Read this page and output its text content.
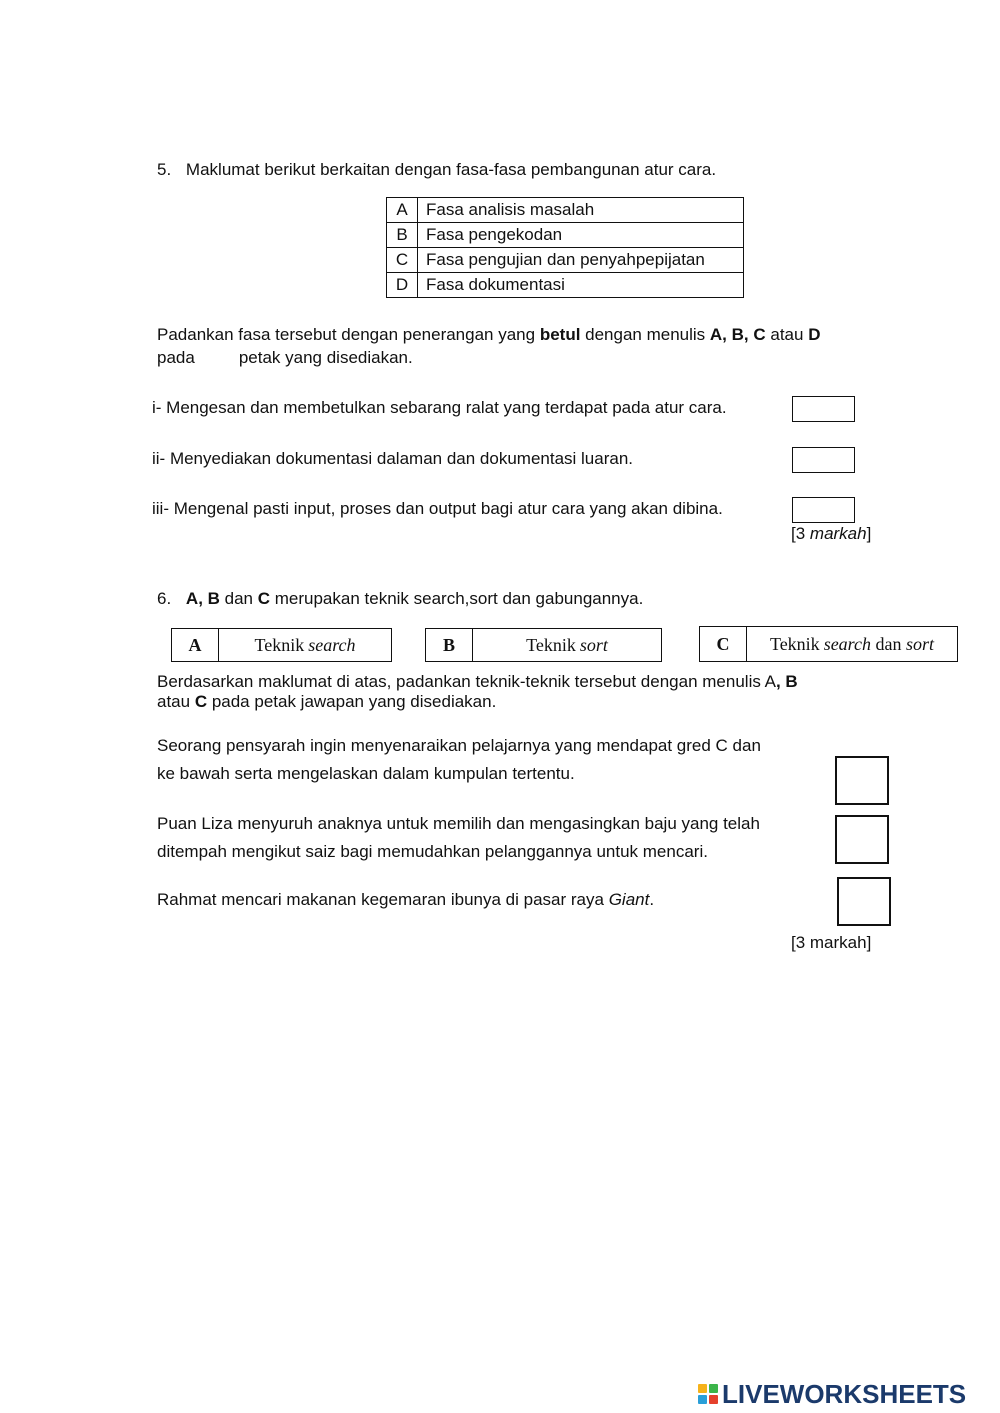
5. Maklumat berikut berkaitan dengan fasa-fasa pembangunan atur cara.
A	Fasa analisis masalah
B	Fasa pengekodan
C	Fasa pengujian dan penyahpepijatan
D	Fasa dokumentasi
Padankan fasa tersebut dengan penerangan yang betul dengan menulis A, B, C atau D
pada	petak yang disediakan.
i- Mengesan dan membetulkan sebarang ralat yang terdapat pada atur cara.
ii- Menyediakan dokumentasi dalaman dan dokumentasi luaran.
iii- Mengenal pasti input, proses dan output bagi atur cara yang akan dibina.
[3 markah]
6. A, B dan C merupakan teknik search,sort dan gabungannya.
A	Teknik search	B	Teknik sort	C	Teknik search dan sort
Berdasarkan maklumat di atas, padankan teknik-teknik tersebut dengan menulis A, B
atau C pada petak jawapan yang disediakan.
Seorang pensyarah ingin menyenaraikan pelajarnya yang mendapat gred C dan
ke bawah serta mengelaskan dalam kumpulan tertentu.
Puan Liza menyuruh anaknya untuk memilih dan mengasingkan baju yang telah
ditempah mengikut saiz bagi memudahkan pelanggannya untuk mencari.
Rahmat mencari makanan kegemaran ibunya di pasar raya Giant.
[3 markah]
LIVEWORKSHEETS
